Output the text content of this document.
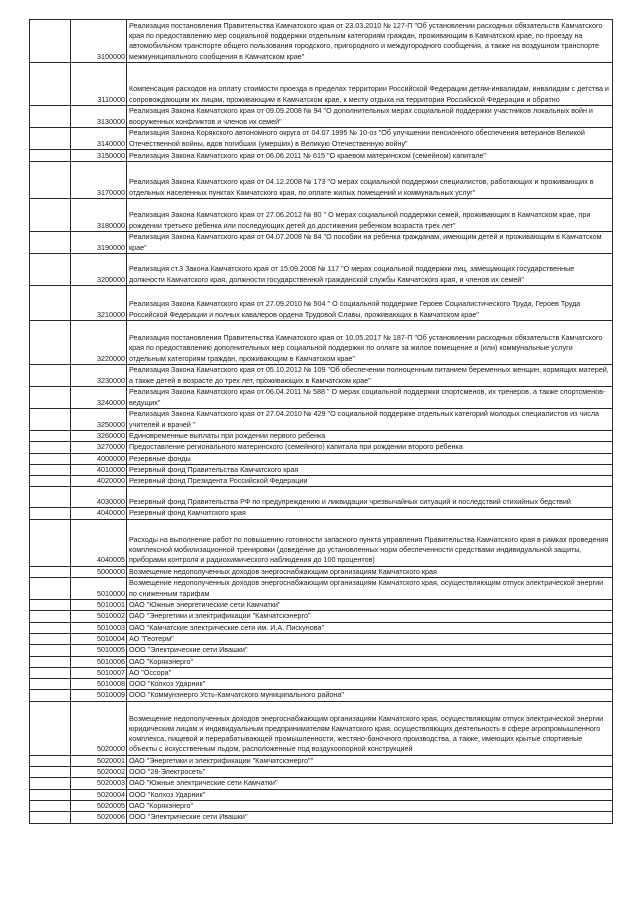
	3100000	Реализация постановления Правительства Камчатского края от 23.03.2010 № 127-П "Об установлении расходных обязательств Камчатского края по предоставлению мер социальной поддержки отдельным категориям граждан, проживающим в Камчатском крае, по проезду на автомобильном транспорте общего пользования городского, пригородного и междугородного сообщения, а также на воздушном транспорте межмуниципального сообщения в Камчатском крае"

	3110000	Компенсация расходов на оплату стоимости проезда в пределах территории Российской Федерации детям-инвалидам, инвалидам с детства и сопровождающим их лицам, проживающим в Камчатском крае, к месту отдыха на территории Российской Федерации и обратно
	3130000	Реализация Закона Камчатского края от 09.09.2008 № 94 "О дополнительных мерах социальной поддержки участников локальных войн и вооруженных конфликтов и членов их семей"
	3140000	Реализация Закона Корякского автономного округа от 04.07.1995 № 10-оз "Об улучшении пенсионного обеспечения ветеранов Великой Отечественной войны, вдов погибших (умерших) в Великую Отечественную войну"
	3150000	Реализация Закона Камчатского края от 06.06.2011 № 615 "О краевом материнском (семейном) капитале"
	3170000	Реализация Закона Камчатского края от 04.12.2008 № 173 "О мерах социальной поддержки специалистов, работающих и проживающих в отдельных населенных пунктах Камчатского края, по оплате жилых помещений и коммунальных услуг"
	3180000	Реализация Закона Камчатского края от 27.06.2012 № 80 " О мерах социальной поддержки семей, проживающих в Камчатском крае, при рождении третьего ребенка или последующих детей до достижения ребенком возраста трех лет"
	3190000	Реализация Закона Камчатского края от 04.07.2008 № 84 "О пособии на ребенка гражданам, имеющим детей и проживающим в Камчатском крае"
	3200000	Реализация ст.3 Закона Камчатского края от 15.09.2008 № 117 "О мерах социальной поддержки лиц, замещающих государственные должности Камчатского края, должности государственной гражданской службы Камчатского края, и членов их семей"
	3210000	Реализация Закона Камчатского края от 27.09.2010 № 504 " О социальной поддержке Героев Социалистического Труда, Героев Труда Российской Федерации и полных кавалеров ордена Трудовой Славы, проживающих в Камчатском крае"
	3220000	Реализация постановления Правительства Камчатского края от 10.05.2017 № 187-П "Об установлении расходных обязательств Камчатского края по предоставлению дополнительных мер социальной поддержки по оплате за жилое помещение и (или) коммунальные услуги отдельным категориям граждан, проживающим в Камчатском крае"
	3230000	Реализация Закона Камчатского края от 05.10.2012 № 109 "Об обеспечении полноценным питанием беременных женщин, кормящих матерей, а также детей в возрасте до трех лет, проживающих в Камчатском крае"
	3240000	Реализация Закона Камчатского края от 06.04.2011 № 588 " О мерах социальной поддержки спортсменов, их тренеров, а также спортсменов-ведущих"
	3250000	Реализация Закона Камчатского края от 27.04.2010 № 429 "О социальной поддержке отдельных категорий молодых специалистов из числа учителей и врачей "
	3260000	Единовременные выплаты при рождении первого ребенка
	3270000	Предоставление регионального материнского (семейного) капитала при рождении второго ребенка
	4000000	Резервные фонды
	4010000	Резервный фонд Правительства Камчатского края
	4020000	Резервный фонд Президента Российской Федерации
	4030000	Резервный фонд Правительства РФ по предупреждению и ликвидации чрезвычайных ситуаций и последствий стихийных бедствий
	4040000	Резервный фонд Камчатского края
	4040005	Расходы на выполнение работ по повышению готовности запасного пункта управления Правительства Камчатского края в рамках проведения комплексной мобилизационной тренировки (доведение до установленных норм обеспеченности средствами индивидуальной защиты, приборами контроля и радиохимического наблюдения до 100 процентов)
	5000000	Возмещение недополученных доходов энергоснабжающим организациям Камчатского края
	5010000	Возмещение недополученных доходов энергоснабжающим организациям Камчатского края, осуществляющим отпуск электрической энергии по сниженным тарифам
	5010001	ОАО "Южные энергетические сети Камчатки"
	5010002	ОАО "Энергетики и электрификации "Камчатскэнерго"
	5010003	ОАО "Камчатские электрические сети им. И.А. Пискунова"
	5010004	АО "Геотерм"
	5010005	ООО "Электрические сети Ивашки"
	5010006	ОАО "Корякэнерго"
	5010007	АО "Оссора"
	5010008	ООО "Колхоз Ударник"
	5010009	ООО "Коммунэнерго Усть-Камчатского муниципального района"
	5020000	Возмещение недополученных доходов энергоснабжающим организациям Камчатского края, осуществляющим отпуск электрической энергии юридическим лицам и индивидуальным предпринимателям Камчатского края, осуществляющих деятельность в сфере агропромышленного комплекса, пищевой и перерабатывающей промышленности, жестяно-баночного производства, а также, имеющих крытые спортивные объекты с искусственным льдом, расположенные под воздухоопорной конструкцией
	5020001	ОАО "Энергетики и электрификации "Камчатскэнерго""
	5020002	ООО "28-Электросеть"
	5020003	ОАО "Южные электрические сети Камчатки"
	5020004	ООО "Колхоз Ударник"
	5020005	ОАО "Корякэнерго"
	5020006	ООО "Электрические сети Ивашки"
